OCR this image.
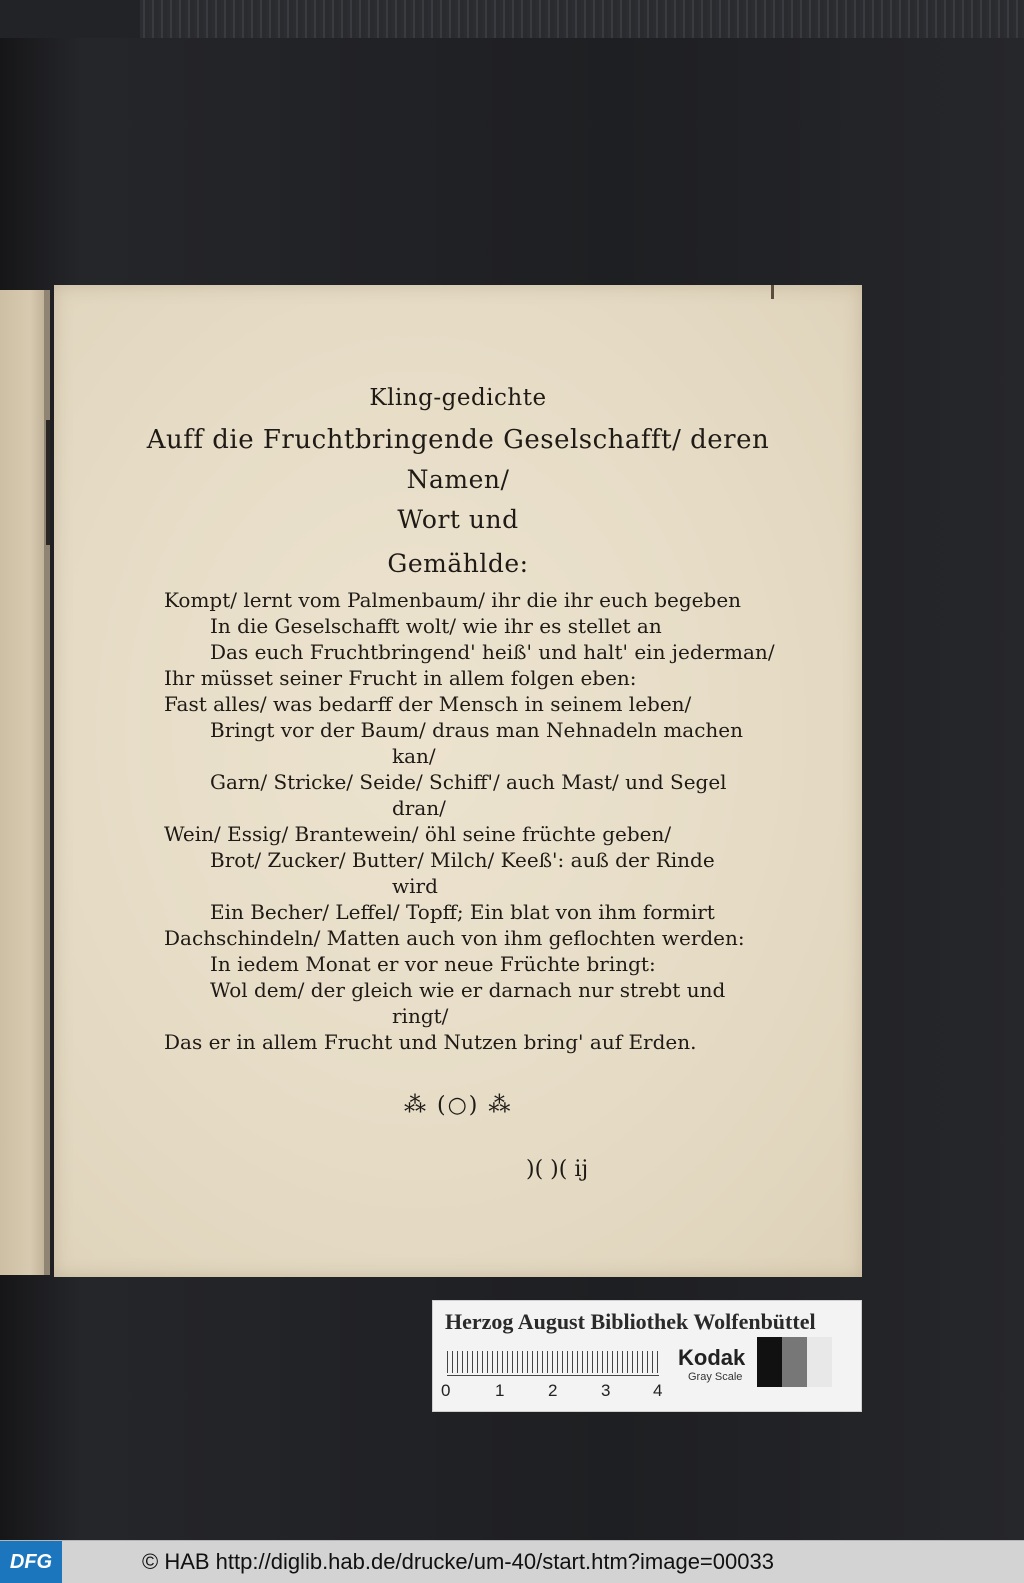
Kling-gedichte
Auff die Fruchtbringende Geselschafft/ deren
Namen/
Wort und
Gemählde:
Kompt/ lernt vom Palmenbaum/ ihr die ihr euch begeben
In die Geselschafft wolt/ wie ihr es stellet an
Das euch Fruchtbringend' heiß' und halt' ein jederman/
Ihr müsset seiner Frucht in allem folgen eben:
Fast alles/ was bedarff der Mensch in seinem leben/
Bringt vor der Baum/ draus man Nehnadeln machen
kan/
Garn/ Stricke/ Seide/ Schiff'/ auch Mast/ und Segel
dran/
Wein/ Essig/ Brantewein/ öhl seine früchte geben/
Brot/ Zucker/ Butter/ Milch/ Keeß': auß der Rinde
wird
Ein Becher/ Leffel/ Topff; Ein blat von ihm formirt
Dachschindeln/ Matten auch von ihm geflochten werden:
In iedem Monat er vor neue Früchte bringt:
Wol dem/ der gleich wie er darnach nur strebt und
ringt/
Das er in allem Frucht und Nutzen bring' auf Erden.
⁂ (○) ⁂
)( )( ij
Herzog August Bibliothek Wolfenbüttel
0	1	2	3	4
Kodak
Gray Scale
DFG	© HAB http://diglib.hab.de/drucke/um-40/start.htm?image=00033
